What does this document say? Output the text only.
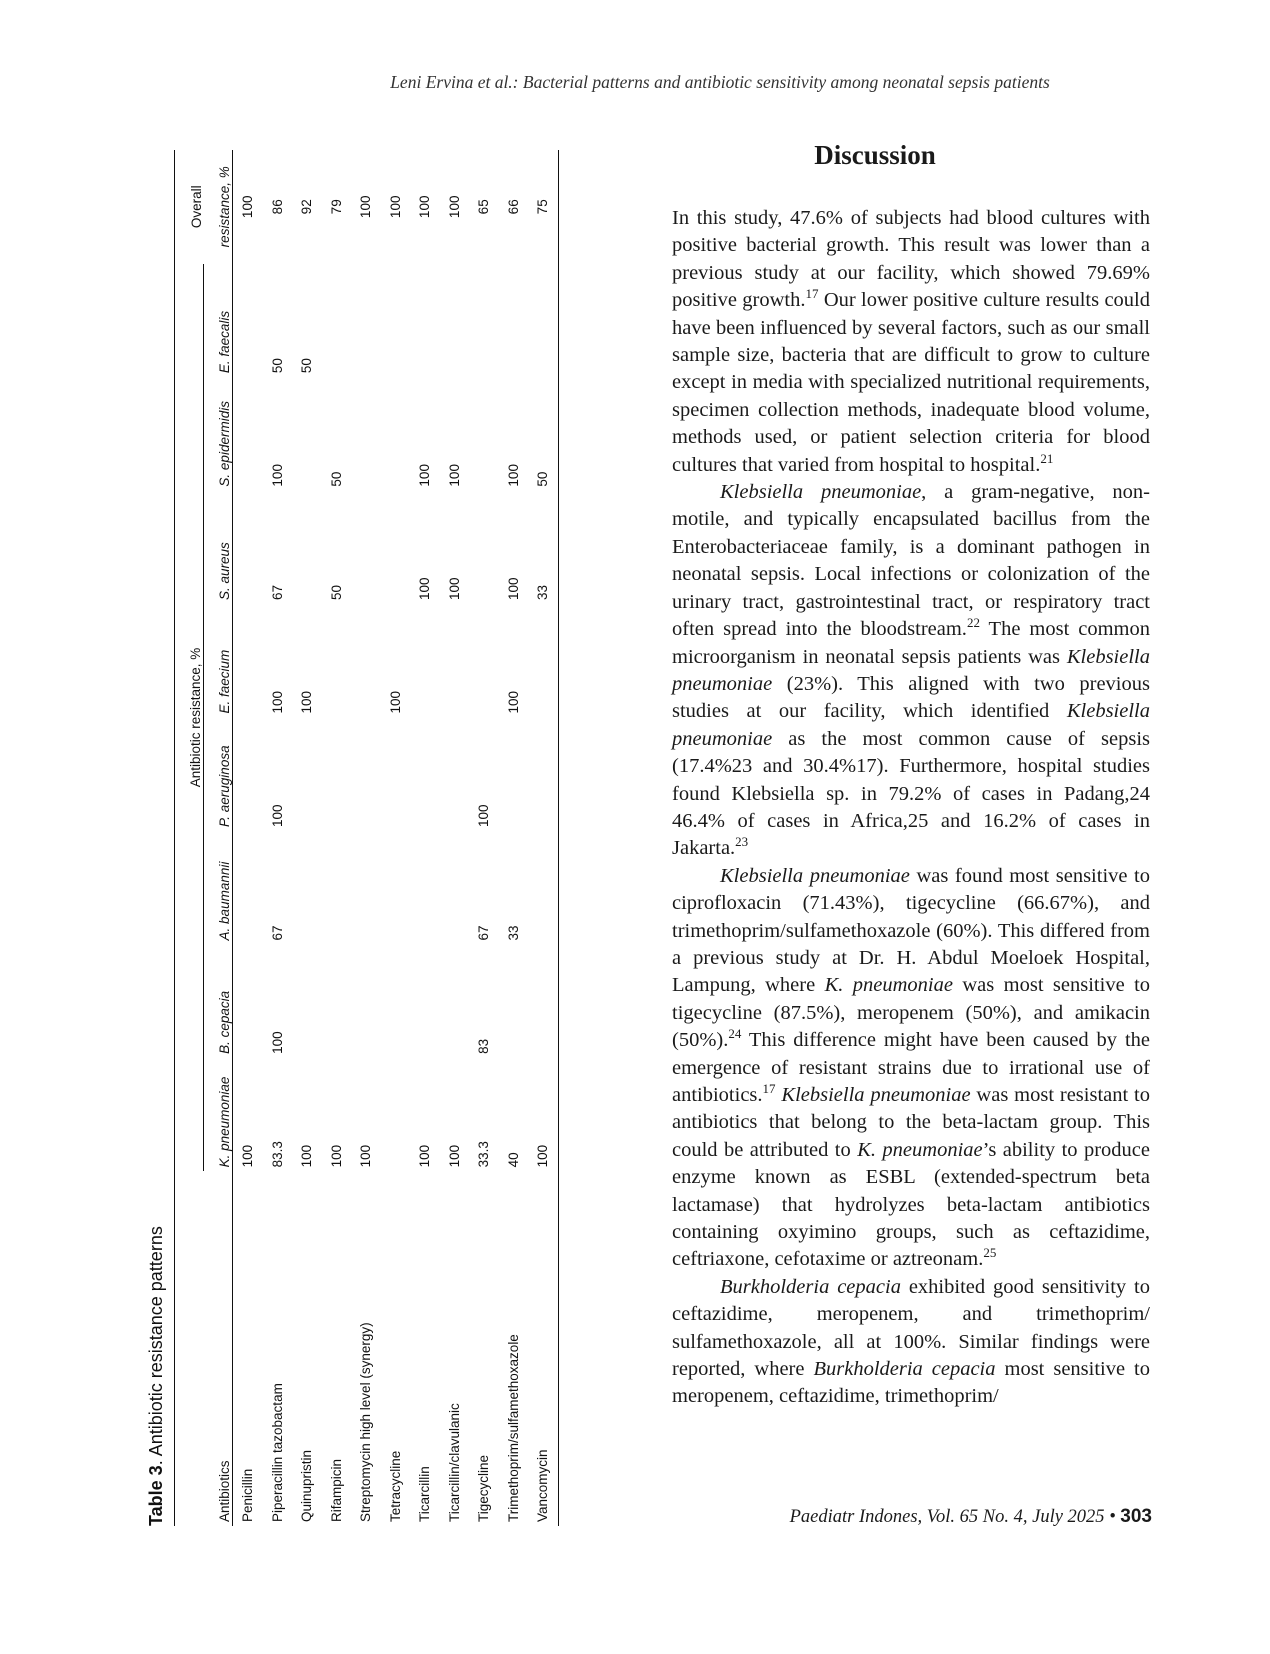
Leni Ervina et al.: Bacterial patterns and antibiotic sensitivity among neonatal sepsis patients
Table 3. Antibiotic resistance patterns
Antibiotics	Antibiotic resistance, %								Overall
	K. pneumoniae	B. cepacia	A. baumannii	P. aeruginosa	E. faecium	S. aureus	S. epidermidis	E. faecalis	resistance, %
Penicillin	100								100
Piperacillin tazobactam	83.3	100	67	100	100	67	100	50	86
Quinupristin	100				100			50	92
Rifampicin	100					50	50		79
Streptomycin high level (synergy)	100								100
Tetracycline					100				100
Ticarcillin	100					100	100		100
Ticarcillin/clavulanic	100					100	100		100
Tigecycline	33.3	83	67	100					65
Trimethoprim/sulfamethoxazole	40		33		100	100	100		66
Vancomycin	100					33	50		75
Discussion

In this study, 47.6% of subjects had blood cultures with positive bacterial growth. This result was lower than a previous study at our facility, which showed 79.69% positive growth.$^{17}$ Our lower positive culture results could have been influenced by several factors, such as our small sample size, bacteria that are difficult to grow to culture except in media with specialized nutritional requirements, specimen collection methods, inadequate blood volume, methods used, or patient selection criteria for blood cultures that varied from hospital to hospital.$^{21}$

Klebsiella pneumoniae, a gram-negative, non-motile, and typically encapsulated bacillus from the Enterobacteriaceae family, is a dominant pathogen in neonatal sepsis. Local infections or colonization of the urinary tract, gastrointestinal tract, or respiratory tract often spread into the bloodstream.$^{22}$ The most common microorganism in neonatal sepsis patients was Klebsiella pneumoniae (23%). This aligned with two previous studies at our facility, which identified Klebsiella pneumoniae as the most common cause of sepsis (17.4%23 and 30.4%17). Furthermore, hospital studies found Klebsiella sp. in 79.2% of cases in Padang,24 46.4% of cases in Africa,25 and 16.2% of cases in Jakarta.$^{23}$

Klebsiella pneumoniae was found most sensitive to ciprofloxacin (71.43%), tigecycline (66.67%), and trimethoprim/sulfamethoxazole (60%). This differed from a previous study at Dr. H. Abdul Moeloek Hospital, Lampung, where K. pneumoniae was most sensitive to tigecycline (87.5%), meropenem (50%), and amikacin (50%).$^{24}$ This difference might have been caused by the emergence of resistant strains due to irrational use of antibiotics.$^{17}$ Klebsiella pneumoniae was most resistant to antibiotics that belong to the beta-lactam group. This could be attributed to K. pneumoniae’s ability to produce enzyme known as ESBL (extended-spectrum beta lactamase) that hydrolyzes beta-lactam antibiotics containing oxyimino groups, such as ceftazidime, ceftriaxone, cefotaxime or aztreonam.$^{25}$

Burkholderia cepacia exhibited good sensitivity to ceftazidime, meropenem, and trimethoprim/ sulfamethoxazole, all at 100%. Similar findings were reported, where Burkholderia cepacia most sensitive to meropenem, ceftazidime, trimethoprim/

Paediatr Indones, Vol. 65 No. 4, July 2025 • 303
